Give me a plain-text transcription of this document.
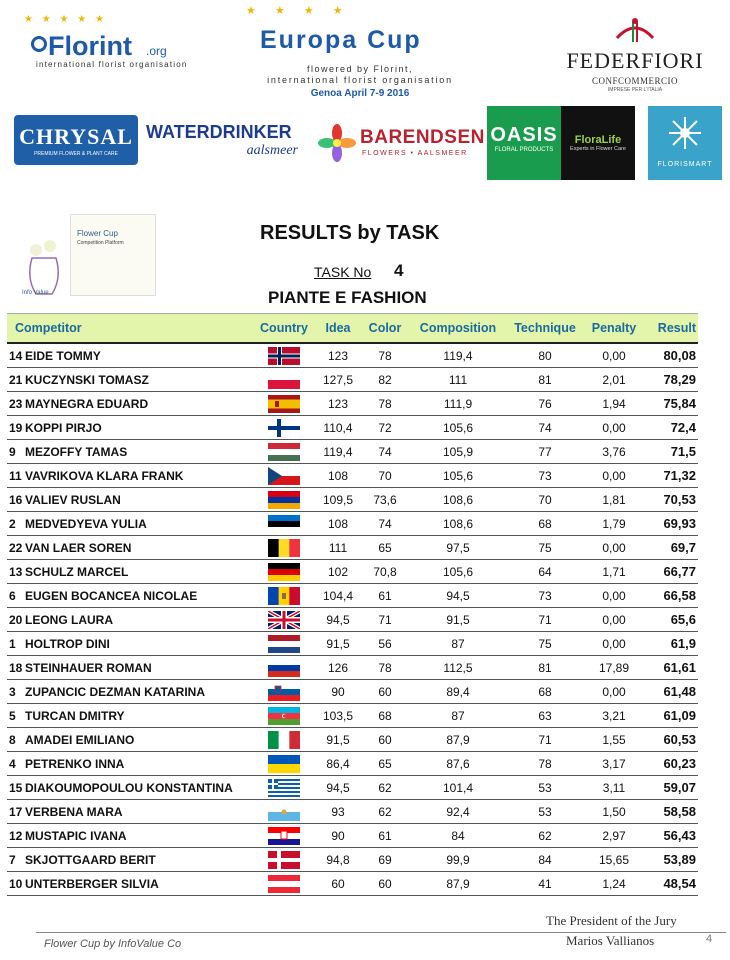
★ ★ ★ ★ ★
Florint .org
international florist organisation
★ ★ ★ ★
Europa Cup
flowered by Florint,
international florist organisation
Genoa April 7-9 2016
FEDERFIORI
CONFCOMMERCIO
IMPRESE PER L'ITALIA
CHRYSAL
PREMIUM FLOWER & PLANT CARE
WATERDRINKER
aalsmeer
BARENDSEN
FLOWERS • AALSMEER
OASIS
FLORAL PRODUCTS
FloraLife
Experts in Flower Care
FLORISMART
Flower Cup
Competition Platform
Info Value
RESULTS by TASK
TASK No 4
PIANTE E FASHION
Competitor	Country	Idea	Color	Composition	Technique	Penalty	Result
14 EIDE TOMMY		123	78	119,4	80	0,00	80,08
21 KUCZYNSKI TOMASZ		127,5	82	111	81	2,01	78,29
23 MAYNEGRA EDUARD		123	78	111,9	76	1,94	75,84
19 KOPPI PIRJO		110,4	72	105,6	74	0,00	72,4
9 MEZOFFY TAMAS		119,4	74	105,9	77	3,76	71,5
11 VAVRIKOVA KLARA FRANK		108	70	105,6	73	0,00	71,32
16 VALIEV RUSLAN		109,5	73,6	108,6	70	1,81	70,53
2 MEDVEDYEVA YULIA		108	74	108,6	68	1,79	69,93
22 VAN LAER SOREN		111	65	97,5	75	0,00	69,7
13 SCHULZ MARCEL		102	70,8	105,6	64	1,71	66,77
6 EUGEN BOCANCEA NICOLAE		104,4	61	94,5	73	0,00	66,58
20 LEONG LAURA		94,5	71	91,5	71	0,00	65,6
1 HOLTROP DINI		91,5	56	87	75	0,00	61,9
18 STEINHAUER ROMAN		126	78	112,5	81	17,89	61,61
3 ZUPANCIC DEZMAN KATARINA		90	60	89,4	68	0,00	61,48
5 TURCAN DMITRY		103,5	68	87	63	3,21	61,09
8 AMADEI EMILIANO		91,5	60	87,9	71	1,55	60,53
4 PETRENKO INNA		86,4	65	87,6	78	3,17	60,23
15 DIAKOUMOPOULOU KONSTANTINA		94,5	62	101,4	53	3,11	59,07
17 VERBENA MARA		93	62	92,4	53	1,50	58,58
12 MUSTAPIC IVANA		90	61	84	62	2,97	56,43
7 SKJOTTGAARD BERIT		94,8	69	99,9	84	15,65	53,89
10 UNTERBERGER SILVIA		60	60	87,9	41	1,24	48,54
The President of the Jury
Marios Vallianos
Flower Cup by InfoValue Co	4
